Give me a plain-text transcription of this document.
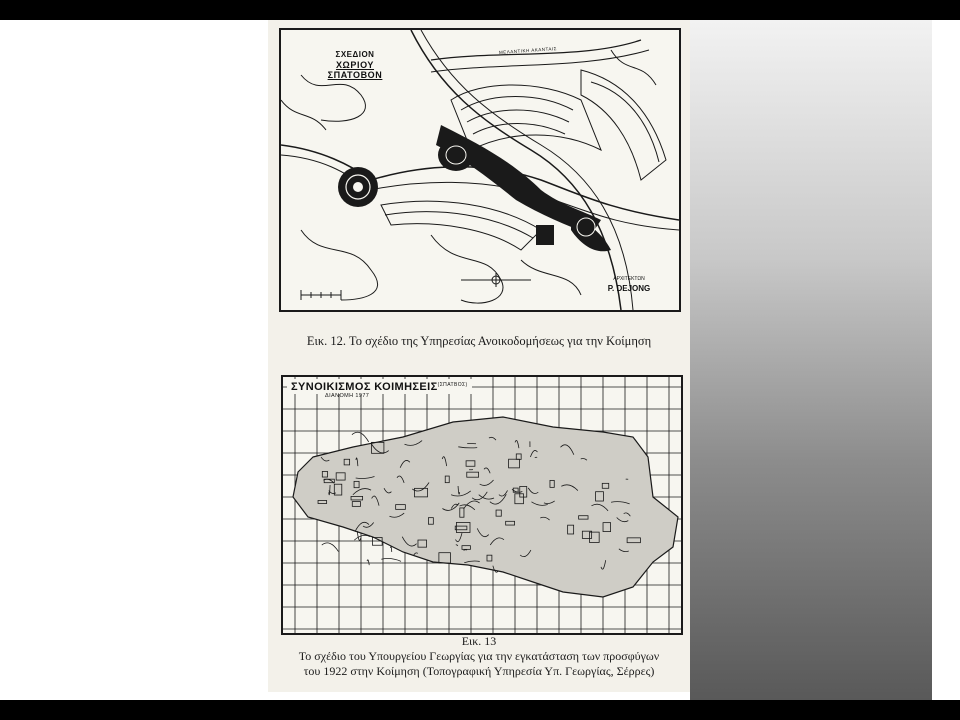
ΣΧΕΔΙΟΝ
ΧΩΡΙΟΥ ΣΠΑΤΟΒΟΝ
ΜΕΛΑΝΤΙΚΗ ΑΚΑΝΤΑΙΣ
ΑΡΧΙΤΕΚΤΩΝ
P. DEJONG
Εικ. 12. Το σχέδιο της Υπηρεσίας Ανοικοδομήσεως για την Κοίμηση
ΣΥΝΟΙΚΙΣΜΟΣ $KOIMH\Sigma EI\Sigma^{(\Sigma\Pi ATBO\Sigma)}$
ΔΙΑΝΟΜΗ 1977
Εικ. 13
Το σχέδιο του Υπουργείου Γεωργίας για την εγκατάσταση των προσφύγων
του 1922 στην Κοίμηση (Τοπογραφική Υπηρεσία Υπ. Γεωργίας, Σέρρες)
